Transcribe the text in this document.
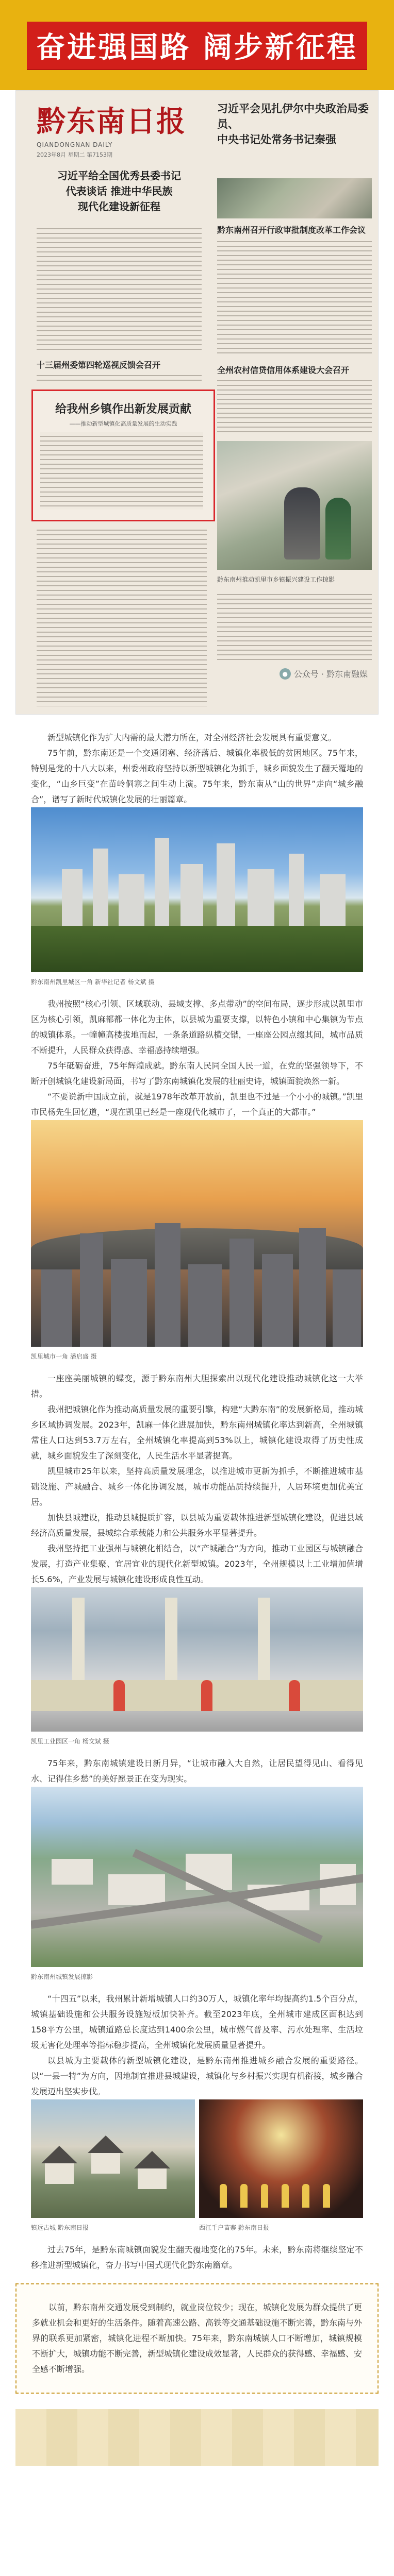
奋进强国路 阔步新征程
黔东南日报
QIANDONGNAN DAILY
2023年8月 星期二 第7153期
习近平会见扎伊尔中央政治局委员、
中央书记处常务书记秦强
习近平给全国优秀县委书记
代表谈话 推进中华民族
现代化建设新征程
十三届州委第四轮巡视反馈会召开
黔东南州召开行政审批制度改革工作会议
全州农村信贷信用体系建设大会召开
给我州乡镇作出新发展贡献
——推动新型城镇化高质量发展的生动实践
黔东南州推动凯里市乡镇振兴建设工作掠影
● 公众号 · 黔东南融媒

新型城镇化作为扩大内需的最大潜力所在，对全州经济社会发展具有重要意义。

75年前，黔东南还是一个交通闭塞、经济落后、城镇化率极低的贫困地区。75年来，特别是党的十八大以来，州委州政府坚持以新型城镇化为抓手，城乡面貌发生了翻天覆地的变化，“山乡巨变”在苗岭侗寨之间生动上演。75年来，黔东南从“山的世界”走向“城乡融合”，谱写了新时代城镇化发展的壮丽篇章。

黔东南州凯里城区一角 新华社记者 杨文斌 摄

我州按照“核心引领、区域联动、县域支撑、多点带动”的空间布局，逐步形成以凯里市区为核心引领，凯麻都都一体化为主体，以县城为重要支撑，以特色小镇和中心集镇为节点的城镇体系。一幢幢高楼拔地而起，一条条道路纵横交错，一座座公园点缀其间，城市品质不断提升，人民群众获得感、幸福感持续增强。

75年砥砺奋进，75年辉煌成就。黔东南人民同全国人民一道，在党的坚强领导下，不断开创城镇化建设新局面，书写了黔东南城镇化发展的壮丽史诗，城镇面貌焕然一新。

“不要说新中国成立前，就是1978年改革开放前，凯里也不过是一个小小的城镇。”凯里市民杨先生回忆道，“现在凯里已经是一座现代化城市了，一个真正的大都市。”

凯里城市一角 潘启盛 摄

一座座美丽城镇的蝶变，源于黔东南州大胆探索出以现代化建设推动城镇化这一大举措。

我州把城镇化作为推动高质量发展的重要引擎，构建“大黔东南”的发展新格局，推动城乡区域协调发展。2023年，凯麻一体化进展加快，黔东南州城镇化率达到新高，全州城镇常住人口达到53.7万左右，全州城镇化率提高到53%以上，城镇化建设取得了历史性成就，城乡面貌发生了深刻变化，人民生活水平显著提高。

凯里城市25年以来，坚持高质量发展理念，以推进城市更新为抓手，不断推进城市基础设施、产城融合、城乡一体化协调发展，城市功能品质持续提升，人居环境更加优美宜居。

加快县城建设，推动县城提质扩容，以县城为重要载体推进新型城镇化建设，促进县域经济高质量发展，县城综合承载能力和公共服务水平显著提升。

我州坚持把工业强州与城镇化相结合，以“产城融合”为方向，推动工业园区与城镇融合发展，打造产业集聚、宜居宜业的现代化新型城镇。2023年，全州规模以上工业增加值增长5.6%，产业发展与城镇化建设形成良性互动。

凯里工业园区一角 杨文斌 摄

75年来，黔东南城镇建设日新月异，“让城市融入大自然，让居民望得见山、看得见水、记得住乡愁”的美好愿景正在变为现实。

黔东南州城镇发展掠影

“十四五”以来，我州累计新增城镇人口约30万人，城镇化率年均提高约1.5个百分点，城镇基础设施和公共服务设施短板加快补齐。截至2023年底，全州城市建成区面积达到158平方公里，城镇道路总长度达到1400余公里，城市燃气普及率、污水处理率、生活垃圾无害化处理率等指标稳步提高，全州城镇化发展质量显著提升。

以县城为主要载体的新型城镇化建设，是黔东南州推进城乡融合发展的重要路径。以“一县一特”为方向，因地制宜推进县城建设，城镇化与乡村振兴实现有机衔接，城乡融合发展迈出坚实步伐。

镇远古城 黔东南日报	西江千户苗寨 黔东南日报

过去75年，是黔东南城镇面貌发生翻天覆地变化的75年。未来，黔东南将继续坚定不移推进新型城镇化，奋力书写中国式现代化黔东南篇章。

以前，黔东南州交通发展受到制约，就业岗位较少；现在，城镇化发展为群众提供了更多就业机会和更好的生活条件。随着高速公路、高铁等交通基础设施不断完善，黔东南与外界的联系更加紧密，城镇化进程不断加快。75年来，黔东南城镇人口不断增加，城镇规模不断扩大，城镇功能不断完善，新型城镇化建设成效显著，人民群众的获得感、幸福感、安全感不断增强。
